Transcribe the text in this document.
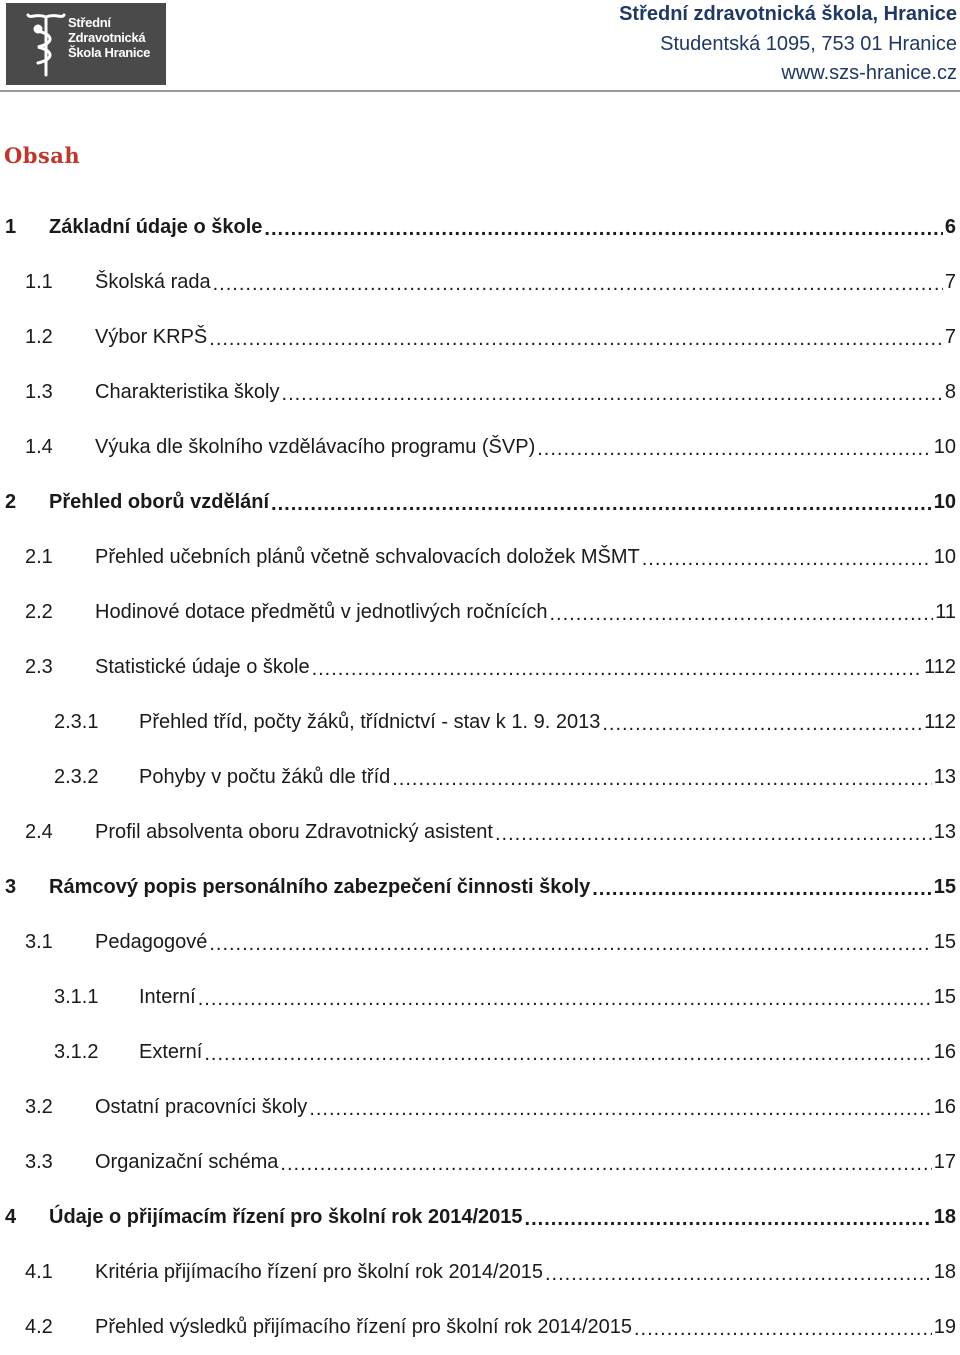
Střední
Zdravotnická
Škola Hranice
Střední zdravotnická škola, Hranice
Studentská 1095, 753 01 Hranice
www.szs-hranice.cz
Obsah
1	Základní údaje o škole .....	6
1.1	Školská rada .....	7
1.2	Výbor KRPŠ .....	7
1.3	Charakteristika školy .....	8
1.4	Výuka dle školního vzdělávacího programu (ŠVP) .....	10
2	Přehled oborů vzdělání .....	10
2.1	Přehled učebních plánů včetně schvalovacích doložek MŠMT .....	10
2.2	Hodinové dotace předmětů v jednotlivých ročnících .....	11
2.3	Statistické údaje o škole .....	112
2.3.1	Přehled tříd, počty žáků, třídnictví - stav k 1. 9. 2013 .....	112
2.3.2	Pohyby v počtu žáků dle tříd .....	13
2.4	Profil absolventa oboru Zdravotnický asistent .....	13
3	Rámcový popis personálního zabezpečení činnosti školy .....	15
3.1	Pedagogové .....	15
3.1.1	Interní .....	15
3.1.2	Externí .....	16
3.2	Ostatní pracovníci školy .....	16
3.3	Organizační schéma .....	17
4	Údaje o přijímacím řízení pro školní rok 2014/2015 .....	18
4.1	Kritéria přijímacího řízení pro školní rok 2014/2015 .....	18
4.2	Přehled výsledků přijímacího řízení pro školní rok 2014/2015 .....	19
